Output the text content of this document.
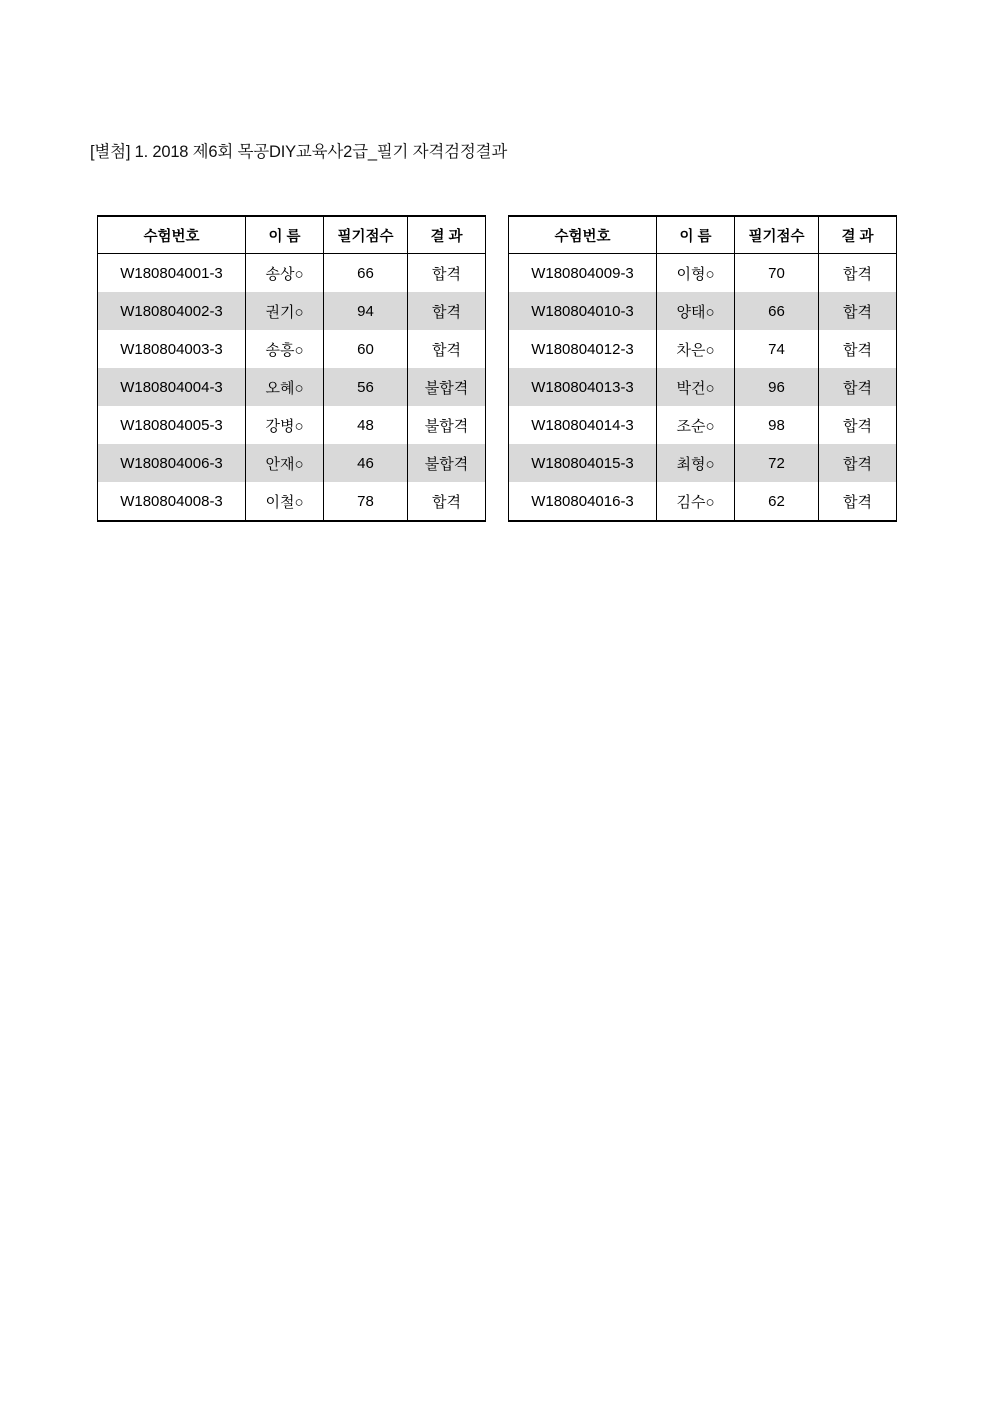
[별첨] 1. 2018 제6회 목공DIY교육사2급_필기 자격검정결과
수험번호	이 름	필기점수	결 과
W180804001-3	송상○	66	합격
W180804002-3	권기○	94	합격
W180804003-3	송흥○	60	합격
W180804004-3	오혜○	56	불합격
W180804005-3	강병○	48	불합격
W180804006-3	안재○	46	불합격
W180804008-3	이철○	78	합격
수험번호	이 름	필기점수	결 과
W180804009-3	이형○	70	합격
W180804010-3	양태○	66	합격
W180804012-3	차은○	74	합격
W180804013-3	박건○	96	합격
W180804014-3	조순○	98	합격
W180804015-3	최형○	72	합격
W180804016-3	김수○	62	합격
